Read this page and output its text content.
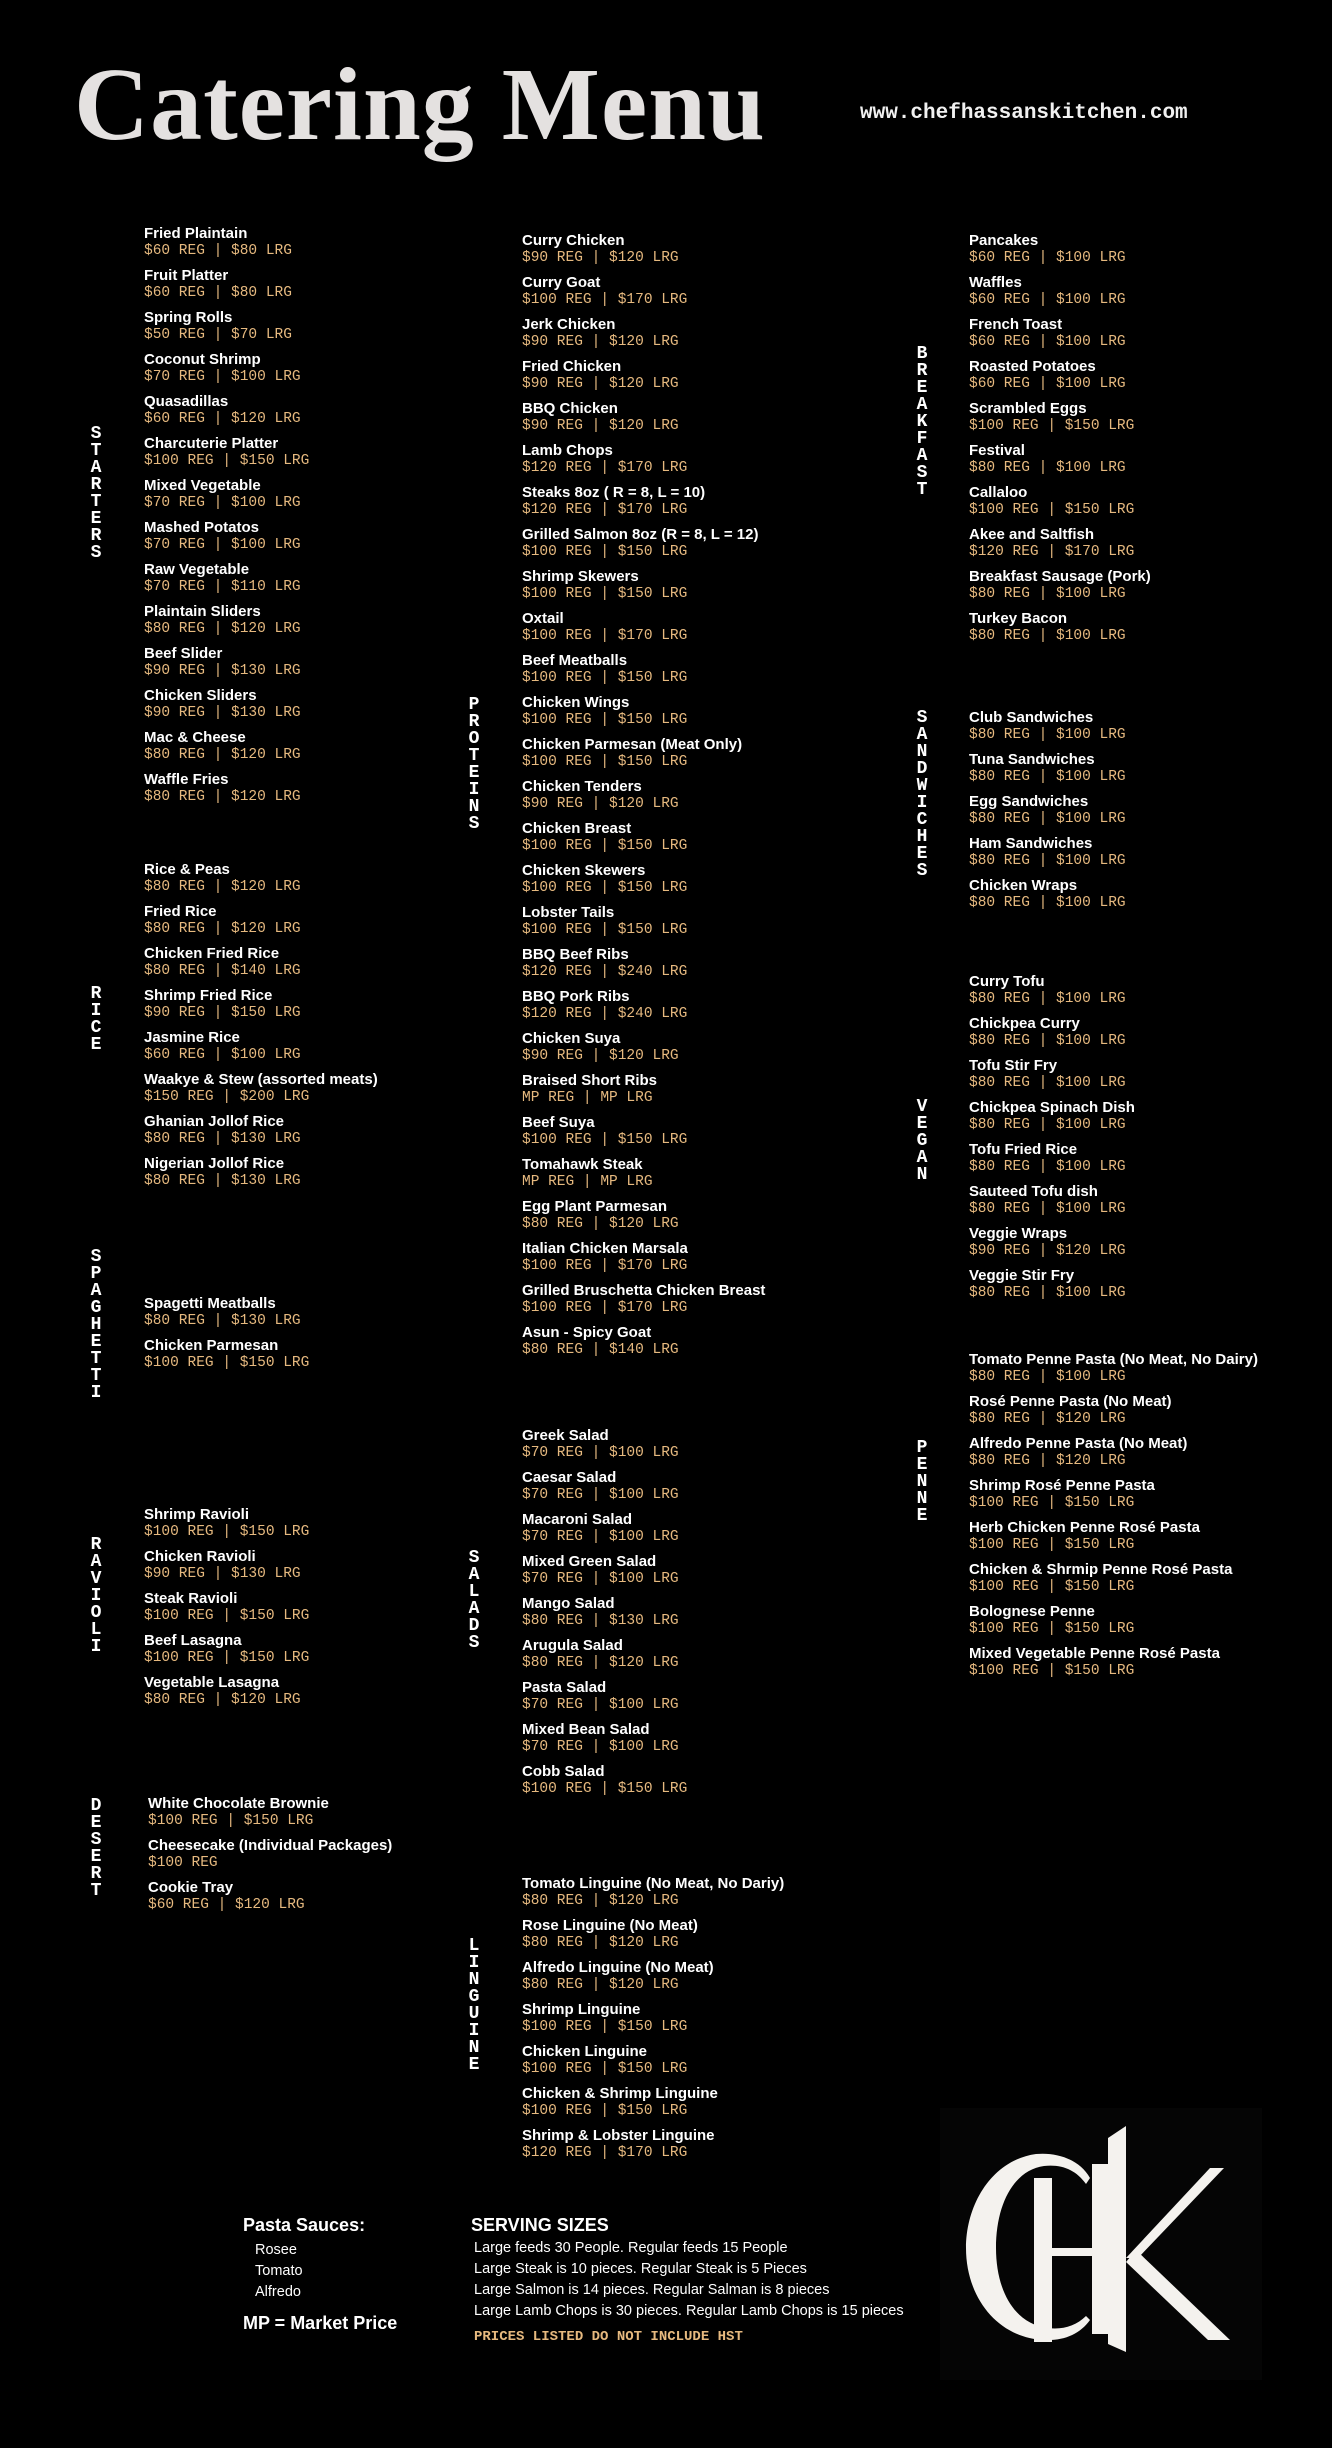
Catering Menu	www.chefhassanskitchen.com
S
T
A
R
T
E
R
S
Fried Plaintain
$60 REG | $80 LRG
Fruit Platter
$60 REG | $80 LRG
Spring Rolls
$50 REG | $70 LRG
Coconut Shrimp
$70 REG | $100 LRG
Quasadillas
$60 REG | $120 LRG
Charcuterie Platter
$100 REG | $150 LRG
Mixed Vegetable
$70 REG | $100 LRG
Mashed Potatos
$70 REG | $100 LRG
Raw Vegetable
$70 REG | $110 LRG
Plaintain Sliders
$80 REG | $120 LRG
Beef Slider
$90 REG | $130 LRG
Chicken Sliders
$90 REG | $130 LRG
Mac & Cheese
$80 REG | $120 LRG
Waffle Fries
$80 REG | $120 LRG
R
I
C
E
Rice & Peas
$80 REG | $120 LRG
Fried Rice
$80 REG | $120 LRG
Chicken Fried Rice
$80 REG | $140 LRG
Shrimp Fried Rice
$90 REG | $150 LRG
Jasmine Rice
$60 REG | $100 LRG
Waakye & Stew (assorted meats)
$150 REG | $200 LRG
Ghanian Jollof Rice
$80 REG | $130 LRG
Nigerian Jollof Rice
$80 REG | $130 LRG
S
P
A
G
H
E
T
T
I
Spagetti Meatballs
$80 REG | $130 LRG
Chicken Parmesan
$100 REG | $150 LRG
R
A
V
I
O
L
I
Shrimp Ravioli
$100 REG | $150 LRG
Chicken Ravioli
$90 REG | $130 LRG
Steak Ravioli
$100 REG | $150 LRG
Beef Lasagna
$100 REG | $150 LRG
Vegetable Lasagna
$80 REG | $120 LRG
D
E
S
E
R
T
White Chocolate Brownie
$100 REG | $150 LRG
Cheesecake (Individual Packages)
$100 REG
Cookie Tray
$60 REG | $120 LRG
P
R
O
T
E
I
N
S
Curry Chicken
$90 REG | $120 LRG
Curry Goat
$100 REG | $170 LRG
Jerk Chicken
$90 REG | $120 LRG
Fried Chicken
$90 REG | $120 LRG
BBQ Chicken
$90 REG | $120 LRG
Lamb Chops
$120 REG | $170 LRG
Steaks 8oz ( R = 8, L = 10)
$120 REG | $170 LRG
Grilled Salmon 8oz (R = 8, L = 12)
$100 REG | $150 LRG
Shrimp Skewers
$100 REG | $150 LRG
Oxtail
$100 REG | $170 LRG
Beef Meatballs
$100 REG | $150 LRG
Chicken Wings
$100 REG | $150 LRG
Chicken Parmesan (Meat Only)
$100 REG | $150 LRG
Chicken Tenders
$90 REG | $120 LRG
Chicken Breast
$100 REG | $150 LRG
Chicken Skewers
$100 REG | $150 LRG
Lobster Tails
$100 REG | $150 LRG
BBQ Beef Ribs
$120 REG | $240 LRG
BBQ Pork Ribs
$120 REG | $240 LRG
Chicken Suya
$90 REG | $120 LRG
Braised Short Ribs
MP REG | MP LRG
Beef Suya
$100 REG | $150 LRG
Tomahawk Steak
MP REG | MP LRG
Egg Plant Parmesan
$80 REG | $120 LRG
Italian Chicken Marsala
$100 REG | $170 LRG
Grilled Bruschetta Chicken Breast
$100 REG | $170 LRG
Asun - Spicy Goat
$80 REG | $140 LRG
S
A
L
A
D
S
Greek Salad
$70 REG | $100 LRG
Caesar Salad
$70 REG | $100 LRG
Macaroni Salad
$70 REG | $100 LRG
Mixed Green Salad
$70 REG | $100 LRG
Mango Salad
$80 REG | $130 LRG
Arugula Salad
$80 REG | $120 LRG
Pasta Salad
$70 REG | $100 LRG
Mixed Bean Salad
$70 REG | $100 LRG
Cobb Salad
$100 REG | $150 LRG
L
I
N
G
U
I
N
E
Tomato Linguine (No Meat, No Dariy)
$80 REG | $120 LRG
Rose Linguine (No Meat)
$80 REG | $120 LRG
Alfredo Linguine (No Meat)
$80 REG | $120 LRG
Shrimp Linguine
$100 REG | $150 LRG
Chicken Linguine
$100 REG | $150 LRG
Chicken & Shrimp Linguine
$100 REG | $150 LRG
Shrimp & Lobster Linguine
$120 REG | $170 LRG
B
R
E
A
K
F
A
S
T
Pancakes
$60 REG | $100 LRG
Waffles
$60 REG | $100 LRG
French Toast
$60 REG | $100 LRG
Roasted Potatoes
$60 REG | $100 LRG
Scrambled Eggs
$100 REG | $150 LRG
Festival
$80 REG | $100 LRG
Callaloo
$100 REG | $150 LRG
Akee and Saltfish
$120 REG | $170 LRG
Breakfast Sausage (Pork)
$80 REG | $100 LRG
Turkey Bacon
$80 REG | $100 LRG
S
A
N
D
W
I
C
H
E
S
Club Sandwiches
$80 REG | $100 LRG
Tuna Sandwiches
$80 REG | $100 LRG
Egg Sandwiches
$80 REG | $100 LRG
Ham Sandwiches
$80 REG | $100 LRG
Chicken Wraps
$80 REG | $100 LRG
V
E
G
A
N
Curry Tofu
$80 REG | $100 LRG
Chickpea Curry
$80 REG | $100 LRG
Tofu Stir Fry
$80 REG | $100 LRG
Chickpea Spinach Dish
$80 REG | $100 LRG
Tofu Fried Rice
$80 REG | $100 LRG
Sauteed Tofu dish
$80 REG | $100 LRG
Veggie Wraps
$90 REG | $120 LRG
Veggie Stir Fry
$80 REG | $100 LRG
P
E
N
N
E
Tomato Penne Pasta (No Meat, No Dairy)
$80 REG | $100 LRG
Rosé Penne Pasta (No Meat)
$80 REG | $120 LRG
Alfredo Penne Pasta (No Meat)
$80 REG | $120 LRG
Shrimp Rosé Penne Pasta
$100 REG | $150 LRG
Herb Chicken Penne Rosé Pasta
$100 REG | $150 LRG
Chicken & Shrmip Penne Rosé Pasta
$100 REG | $150 LRG
Bolognese Penne
$100 REG | $150 LRG
Mixed Vegetable Penne Rosé Pasta
$100 REG | $150 LRG
Pasta Sauces:
Rosee
Tomato
Alfredo
MP = Market Price
SERVING SIZES
Large feeds 30 People. Regular feeds 15 People
Large Steak is 10 pieces. Regular Steak is 5 Pieces
Large Salmon is 14 pieces. Regular Salman is 8 pieces
Large Lamb Chops is 30 pieces. Regular Lamb Chops is 15 pieces
PRICES LISTED DO NOT INCLUDE HST
